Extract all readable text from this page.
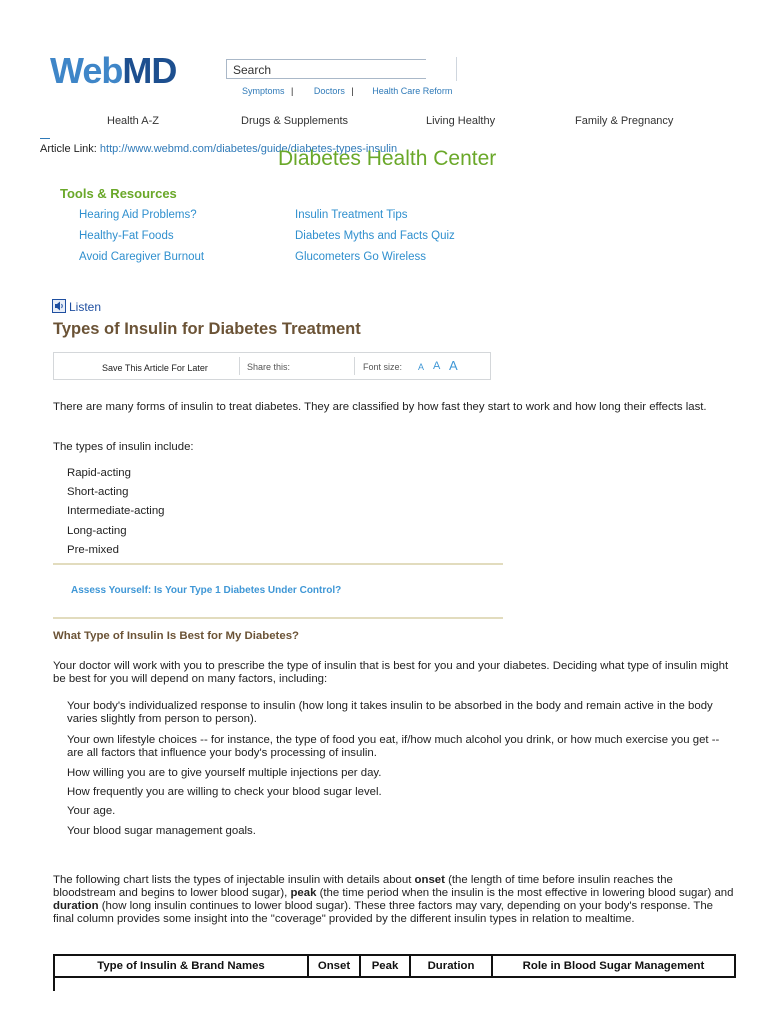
WebMD	Search
Symptoms | Doctors | Health Care Reform
Health A-Z	Drugs & Supplements	Living Healthy	Family & Pregnancy
Article Link: http://www.webmd.com/diabetes/guide/diabetes-types-insulin
Diabetes Health Center
Tools & Resources
Hearing Aid Problems?
Healthy-Fat Foods
Avoid Caregiver Burnout
Insulin Treatment Tips
Diabetes Myths and Facts Quiz
Glucometers Go Wireless
Listen
Types of Insulin for Diabetes Treatment
Save This Article For Later	Share this:	Font size: A A A
There are many forms of insulin to treat diabetes. They are classified by how fast they start to work and how long their effects last.
The types of insulin include:
Rapid-acting
Short-acting
Intermediate-acting
Long-acting
Pre-mixed
Assess Yourself: Is Your Type 1 Diabetes Under Control?
What Type of Insulin Is Best for My Diabetes?
Your doctor will work with you to prescribe the type of insulin that is best for you and your diabetes. Deciding what type of insulin might be best for you will depend on many factors, including:
Your body's individualized response to insulin (how long it takes insulin to be absorbed in the body and remain active in the body varies slightly from person to person).
Your own lifestyle choices -- for instance, the type of food you eat, if/how much alcohol you drink, or how much exercise you get -- are all factors that influence your body's processing of insulin.
How willing you are to give yourself multiple injections per day.
How frequently you are willing to check your blood sugar level.
Your age.
Your blood sugar management goals.
The following chart lists the types of injectable insulin with details about onset (the length of time before insulin reaches the bloodstream and begins to lower blood sugar), peak (the time period when the insulin is the most effective in lowering blood sugar) and duration (how long insulin continues to lower blood sugar). These three factors may vary, depending on your body's response. The final column provides some insight into the "coverage" provided by the different insulin types in relation to mealtime.
Type of Insulin & Brand Names	Onset	Peak	Duration	Role in Blood Sugar Management
